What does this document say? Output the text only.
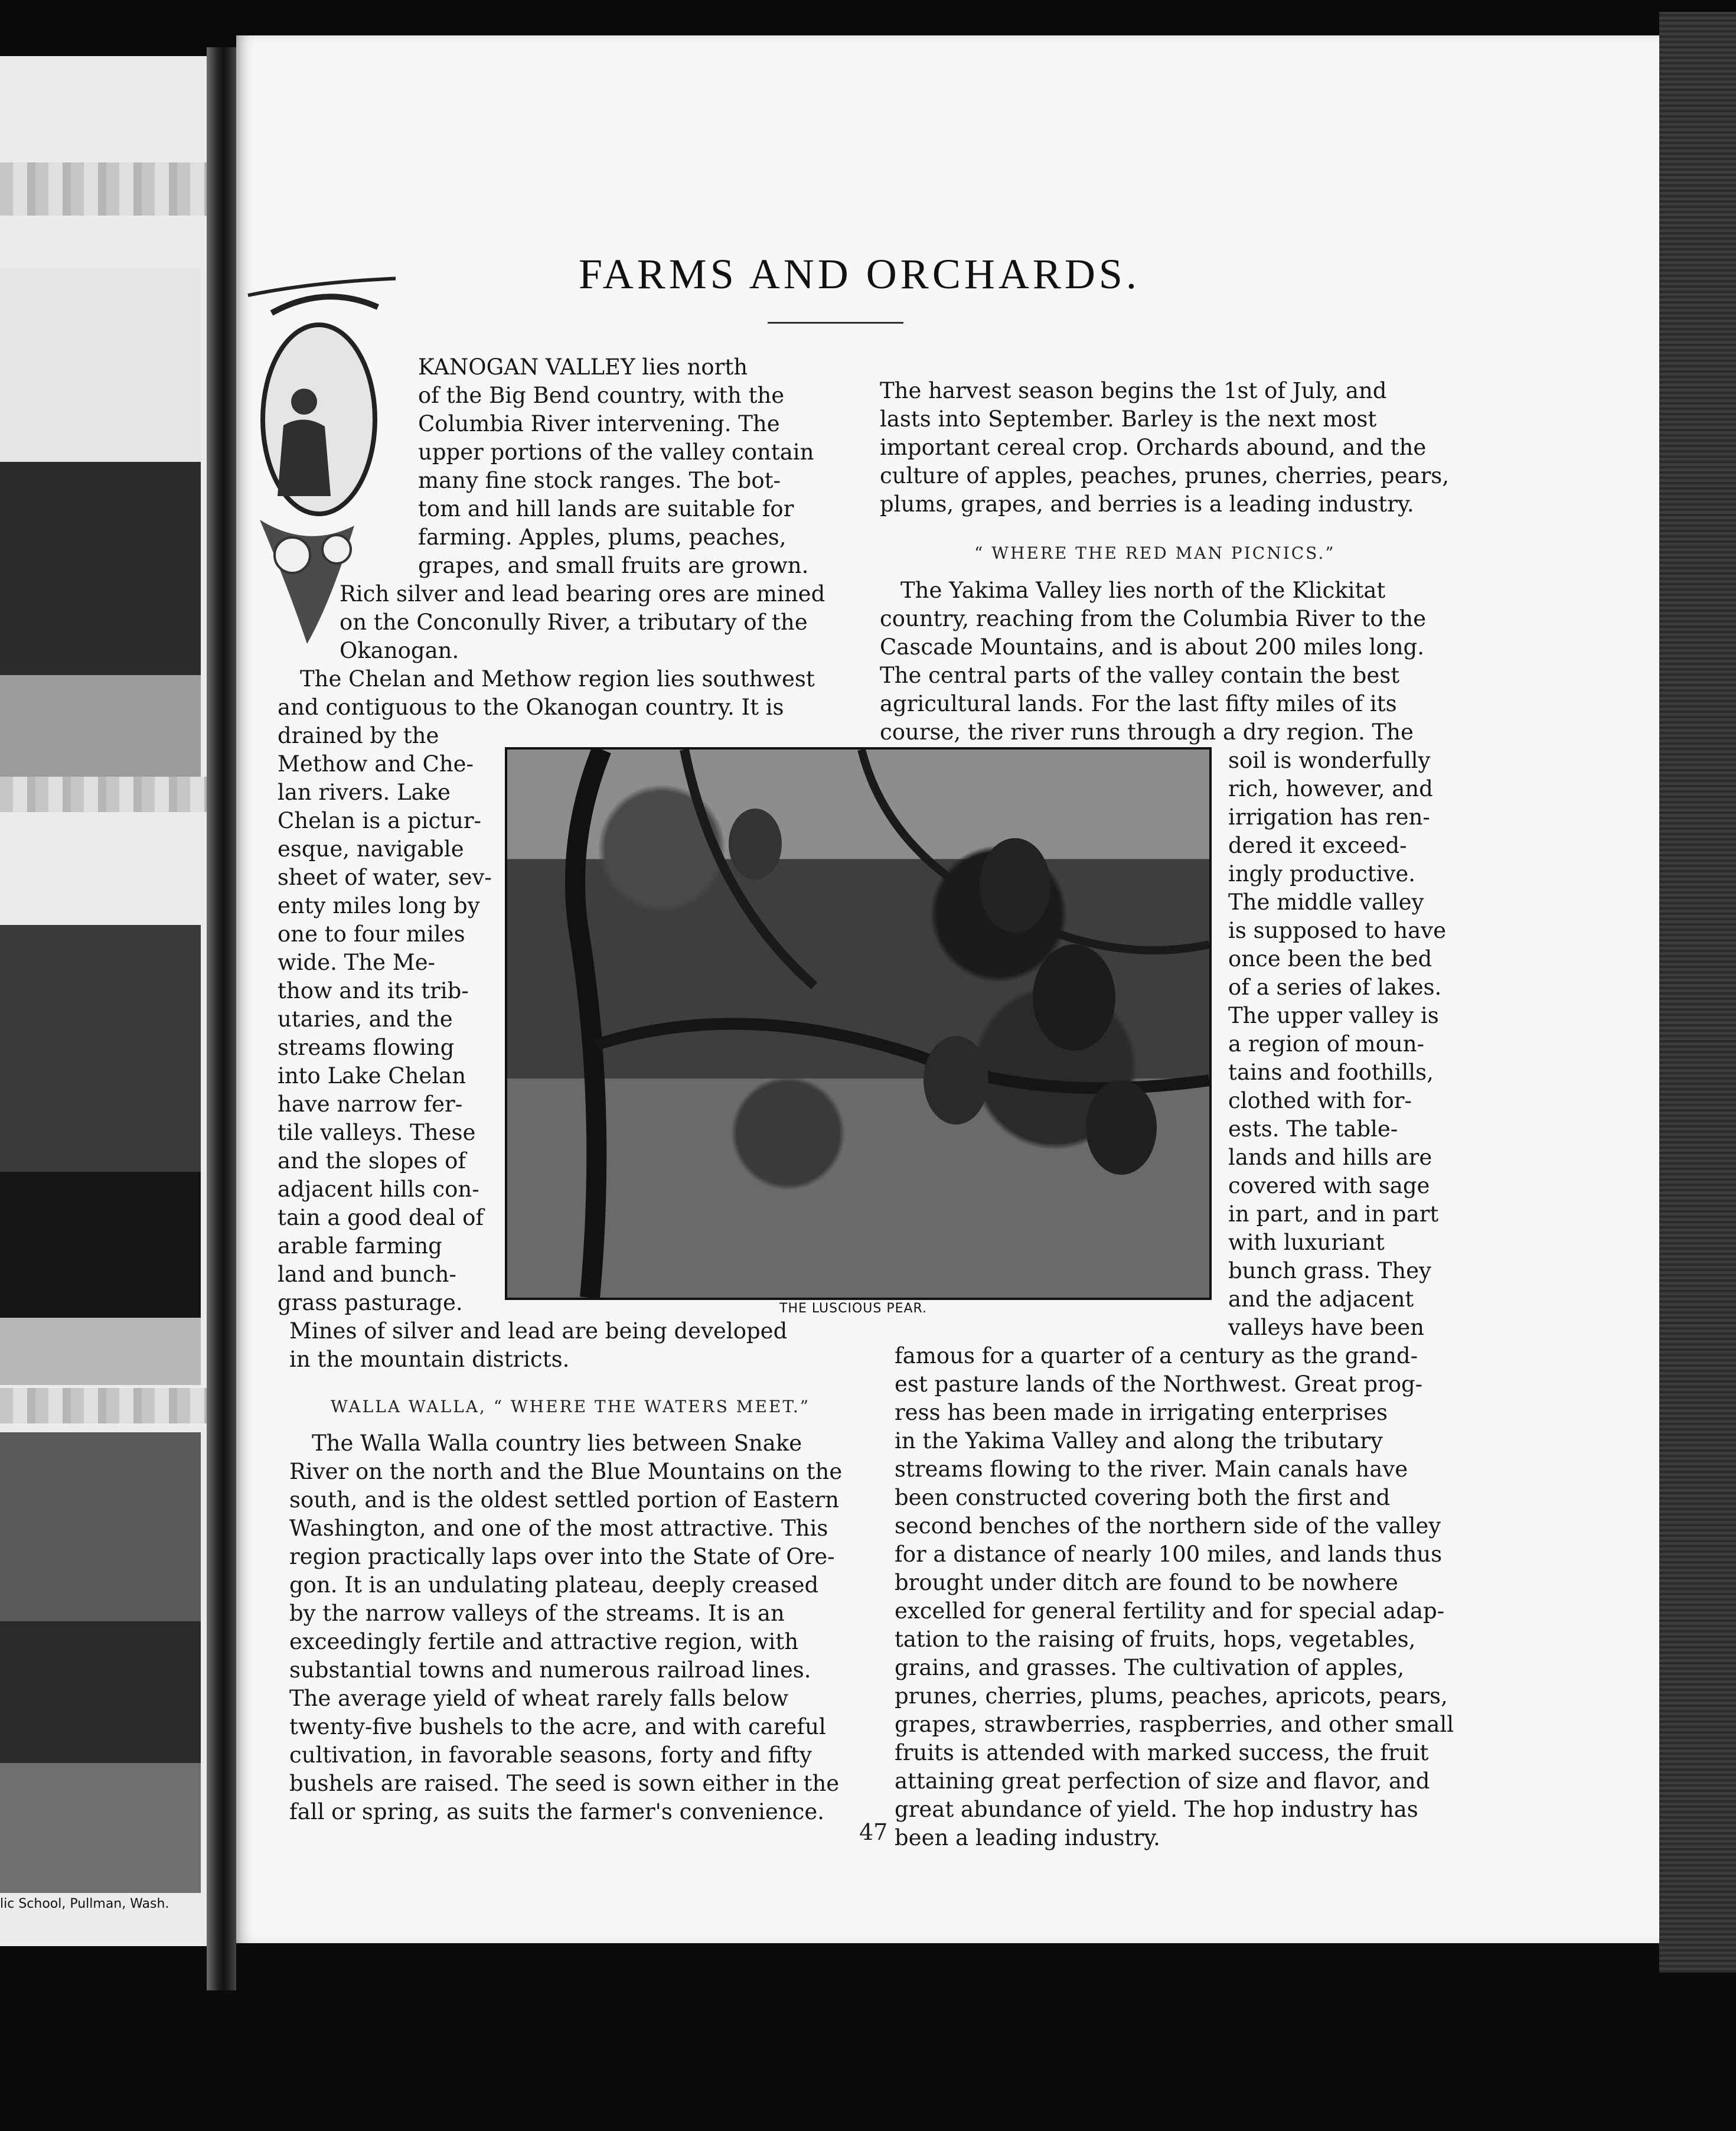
lic School, Pullman, Wash.
FARMS AND ORCHARDS.
KANOGAN VALLEY lies north
of the Big Bend country, with the
Columbia River intervening. The
upper portions of the valley contain
many fine stock ranges. The bot-
tom and hill lands are suitable for
farming. Apples, plums, peaches,
grapes, and small fruits are grown.
Rich silver and lead bearing ores are mined
on the Conconully River, a tributary of the
Okanogan.
The Chelan and Methow region lies southwest
and contiguous to the Okanogan country. It is
drained by the
Methow and Che-
lan rivers. Lake
Chelan is a pictur-
esque, navigable
sheet of water, sev-
enty miles long by
one to four miles
wide. The Me-
thow and its trib-
utaries, and the
streams flowing
into Lake Chelan
have narrow fer-
tile valleys. These
and the slopes of
adjacent hills con-
tain a good deal of
arable farming
land and bunch-
grass pasturage.
Mines of silver and lead are being developed
in the mountain districts.
WALLA WALLA, “ WHERE THE WATERS MEET.”
The Walla Walla country lies between Snake
River on the north and the Blue Mountains on the
south, and is the oldest settled portion of Eastern
Washington, and one of the most attractive. This
region practically laps over into the State of Ore-
gon. It is an undulating plateau, deeply creased
by the narrow valleys of the streams. It is an
exceedingly fertile and attractive region, with
substantial towns and numerous railroad lines.
The average yield of wheat rarely falls below
twenty-five bushels to the acre, and with careful
cultivation, in favorable seasons, forty and fifty
bushels are raised. The seed is sown either in the
fall or spring, as suits the farmer's convenience.
The harvest season begins the 1st of July, and
lasts into September. Barley is the next most
important cereal crop. Orchards abound, and the
culture of apples, peaches, prunes, cherries, pears,
plums, grapes, and berries is a leading industry.
“ WHERE THE RED MAN PICNICS.”
The Yakima Valley lies north of the Klickitat
country, reaching from the Columbia River to the
Cascade Mountains, and is about 200 miles long.
The central parts of the valley contain the best
agricultural lands. For the last fifty miles of its
course, the river runs through a dry region. The
soil is wonderfully
rich, however, and
irrigation has ren-
dered it exceed-
ingly productive.
The middle valley
is supposed to have
once been the bed
of a series of lakes.
The upper valley is
a region of moun-
tains and foothills,
clothed with for-
ests. The table-
lands and hills are
covered with sage
in part, and in part
with luxuriant
bunch grass. They
and the adjacent
valleys have been
famous for a quarter of a century as the grand-
est pasture lands of the Northwest. Great prog-
ress has been made in irrigating enterprises
in the Yakima Valley and along the tributary
streams flowing to the river. Main canals have
been constructed covering both the first and
second benches of the northern side of the valley
for a distance of nearly 100 miles, and lands thus
brought under ditch are found to be nowhere
excelled for general fertility and for special adap-
tation to the raising of fruits, hops, vegetables,
grains, and grasses. The cultivation of apples,
prunes, cherries, plums, peaches, apricots, pears,
grapes, strawberries, raspberries, and other small
fruits is attended with marked success, the fruit
attaining great perfection of size and flavor, and
great abundance of yield. The hop industry has
been a leading industry.
THE LUSCIOUS PEAR.
47
